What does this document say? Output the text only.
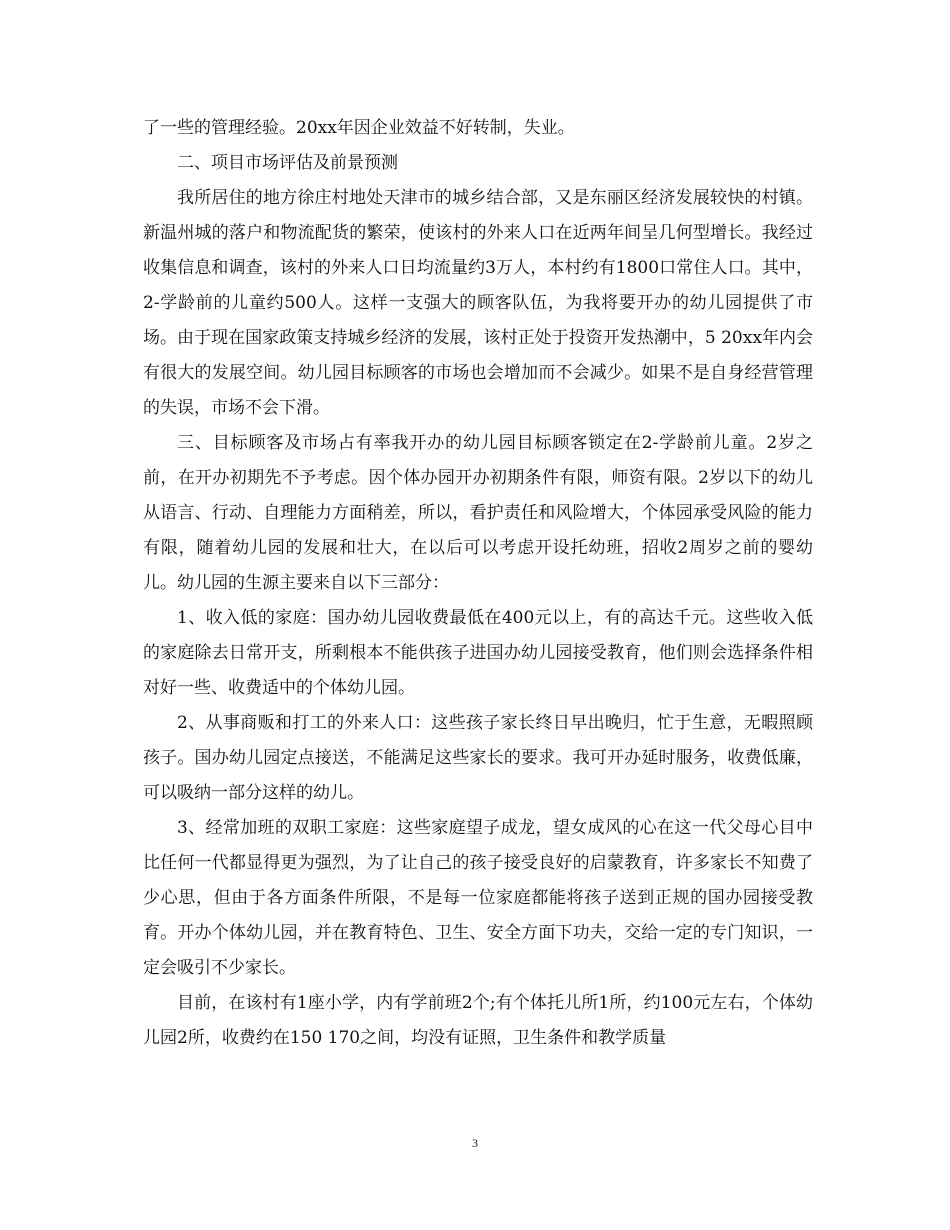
了一些的管理经验。20xx年因企业效益不好转制，失业。

二、项目市场评估及前景预测

我所居住的地方徐庄村地处天津市的城乡结合部，又是东丽区经济发展较快的村镇。新温州城的落户和物流配货的繁荣，使该村的外来人口在近两年间呈几何型增长。我经过收集信息和调查，该村的外来人口日均流量约3万人，本村约有1800口常住人口。其中，2-学龄前的儿童约500人。这样一支强大的顾客队伍，为我将要开办的幼儿园提供了市场。由于现在国家政策支持城乡经济的发展，该村正处于投资开发热潮中，5 20xx年内会有很大的发展空间。幼儿园目标顾客的市场也会增加而不会减少。如果不是自身经营管理的失误，市场不会下滑。

三、目标顾客及市场占有率我开办的幼儿园目标顾客锁定在2-学龄前儿童。2岁之前，在开办初期先不予考虑。因个体办园开办初期条件有限，师资有限。2岁以下的幼儿从语言、行动、自理能力方面稍差，所以，看护责任和风险增大，个体园承受风险的能力有限，随着幼儿园的发展和壮大，在以后可以考虑开设托幼班，招收2周岁之前的婴幼儿。幼儿园的生源主要来自以下三部分：

1、收入低的家庭：国办幼儿园收费最低在400元以上，有的高达千元。这些收入低的家庭除去日常开支，所剩根本不能供孩子进国办幼儿园接受教育，他们则会选择条件相对好一些、收费适中的个体幼儿园。

2、从事商贩和打工的外来人口：这些孩子家长终日早出晚归，忙于生意，无暇照顾孩子。国办幼儿园定点接送，不能满足这些家长的要求。我可开办延时服务，收费低廉，可以吸纳一部分这样的幼儿。

3、经常加班的双职工家庭：这些家庭望子成龙，望女成风的心在这一代父母心目中比任何一代都显得更为强烈，为了让自己的孩子接受良好的启蒙教育，许多家长不知费了少心思，但由于各方面条件所限，不是每一位家庭都能将孩子送到正规的国办园接受教育。开办个体幼儿园，并在教育特色、卫生、安全方面下功夫，交给一定的专门知识，一定会吸引不少家长。

目前，在该村有1座小学，内有学前班2个;有个体托儿所1所，约100元左右，个体幼儿园2所，收费约在150 170之间，均没有证照，卫生条件和教学质量

3
